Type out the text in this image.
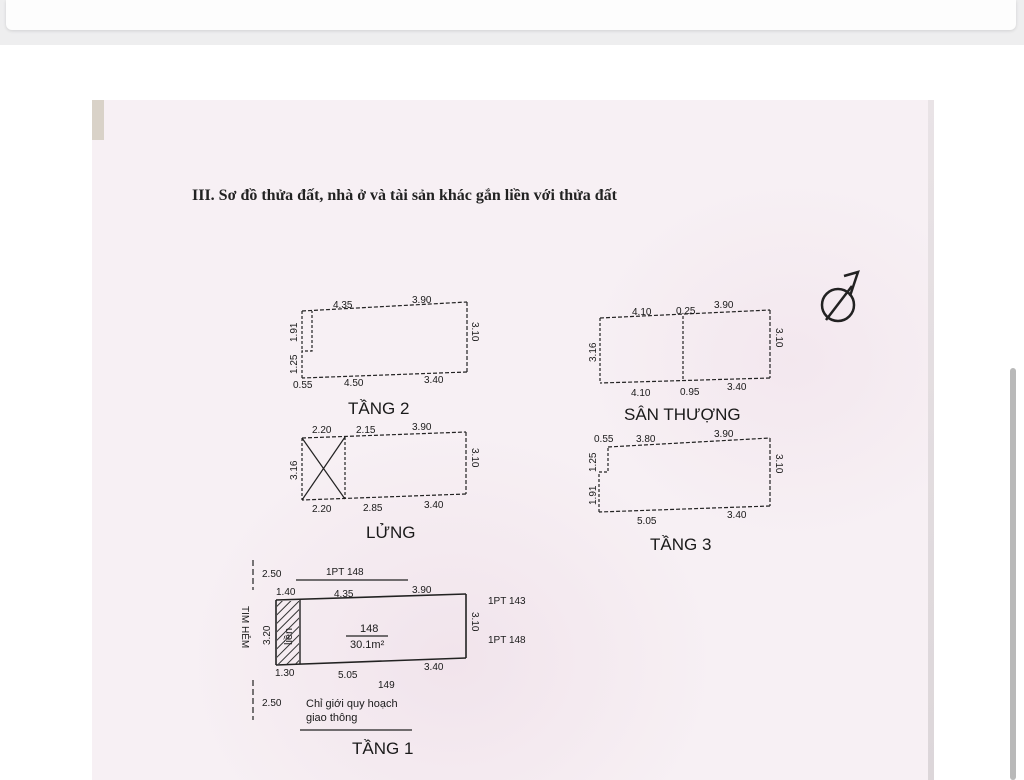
III. Sơ đồ thửa đất, nhà ở và tài sản khác gắn liền với thửa đất
4.35	3.90
0.55	4.50	3.40
1.91
1.25
3.10
TẦNG 2
4.10 0.25
3.90
4.10	0.95	3.40
3.16
3.10
SÂN THƯỢNG
2.20 2.15	3.90
2.20	2.85	3.40
3.16
3.10
LỬNG
0.55 3.80	3.90
5.05
3.40
1.25
1.91
3.10
TẦNG 3
2.50	1PT 148
1.40	4.35	3.90
1PT 143
1PT 148
TIM HẺM 3.20 liền
3.10
148
30.1m²
1.30	5.05
3.40
149
2.50 Chỉ giới quy hoạch
giao thông
TẦNG 1
